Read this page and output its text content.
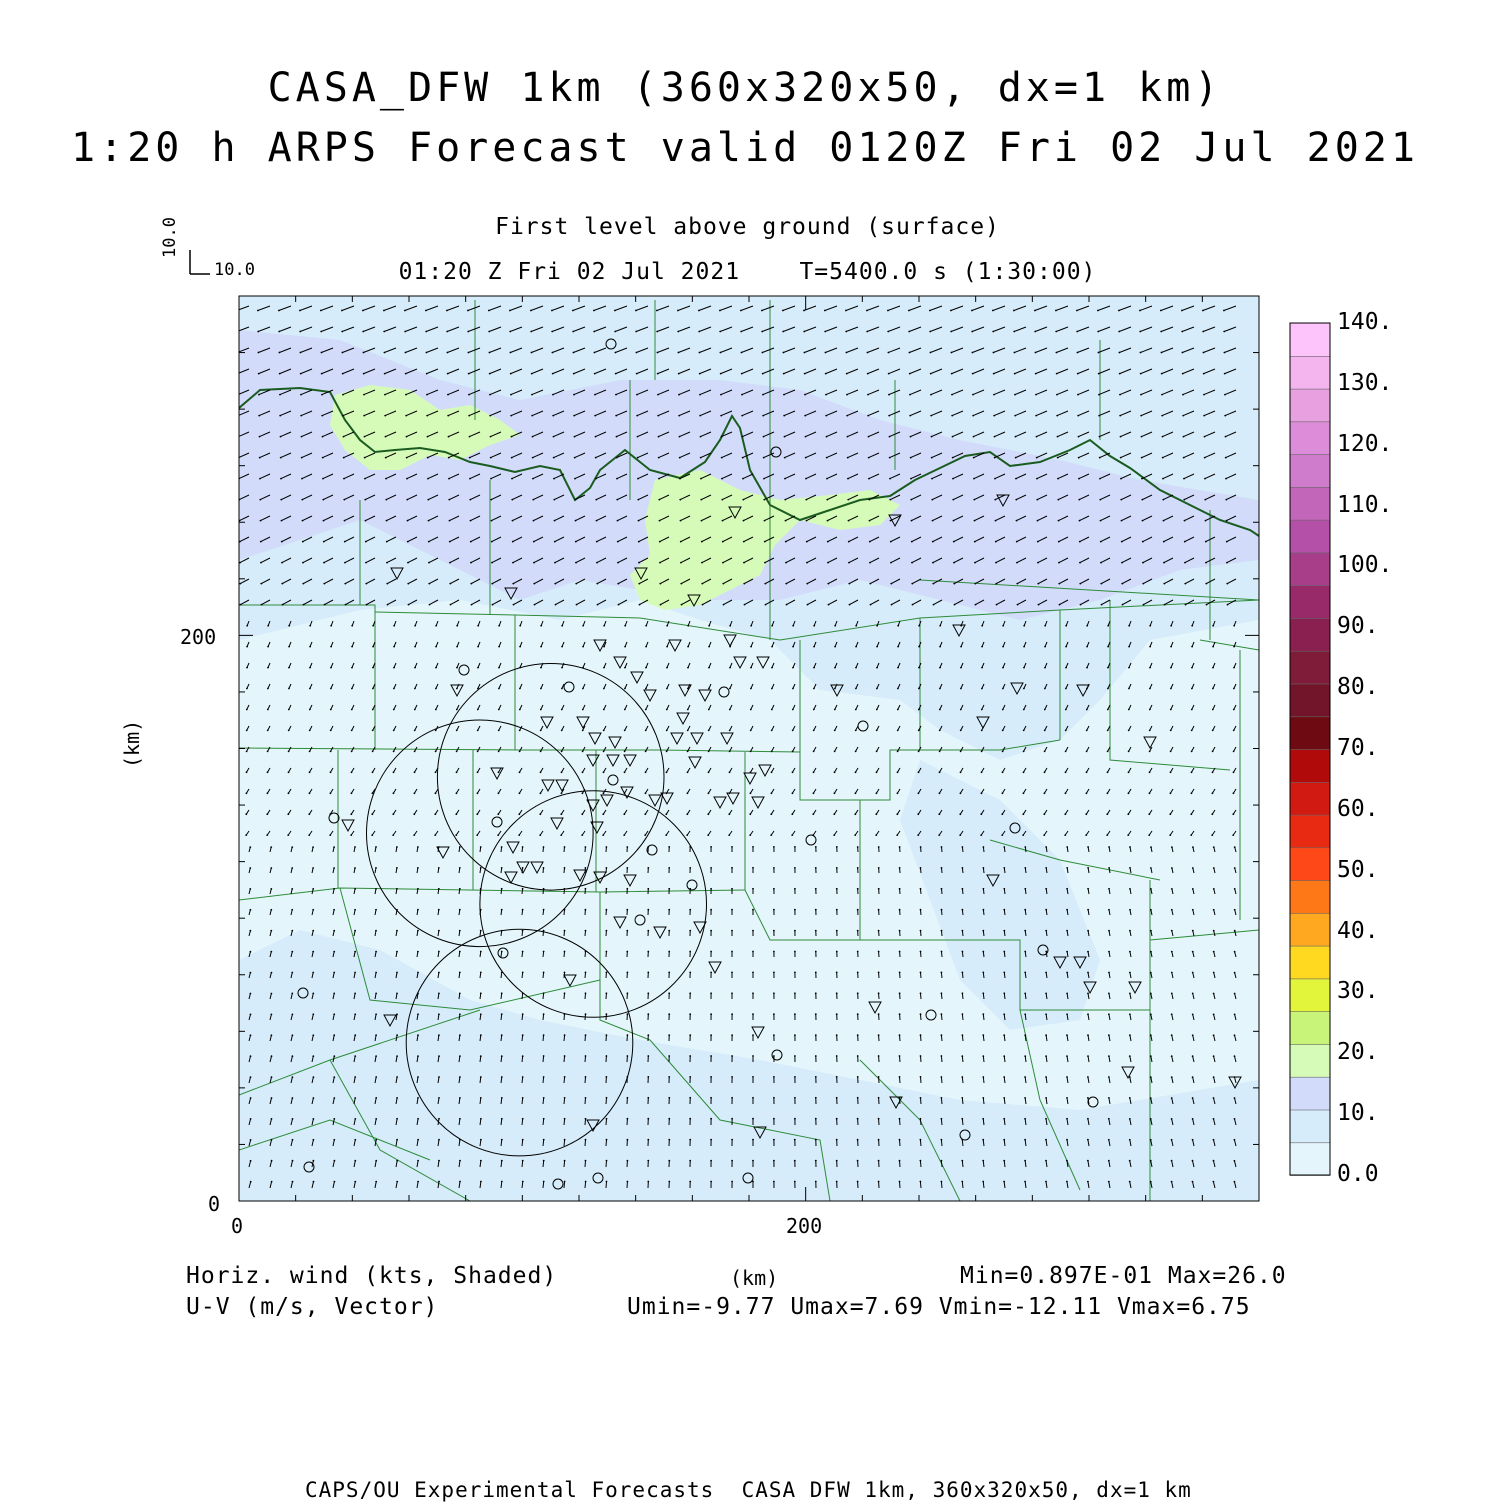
CASA_DFW 1km (360x320x50, dx=1 km)
1:20 h ARPS Forecast valid 0120Z Fri 02 Jul 2021
First level above ground (surface)
01:20 Z Fri 02 Jul 2021    T=5400.0 s (1:30:00)
10.0
10.0
(km)
200
0
0	200
0.0
10.
20.
30.
40.
50.
60.
70.
80.
90.
100.
110.
120.
130.
140.
Horiz. wind (kts, Shaded)
U-V (m/s, Vector)
(km)	Min=0.897E-01 Max=26.0
Umin=-9.77 Umax=7.69 Vmin=-12.11 Vmax=6.75
CAPS/OU Experimental Forecasts  CASA DFW 1km, 360x320x50, dx=1 km
